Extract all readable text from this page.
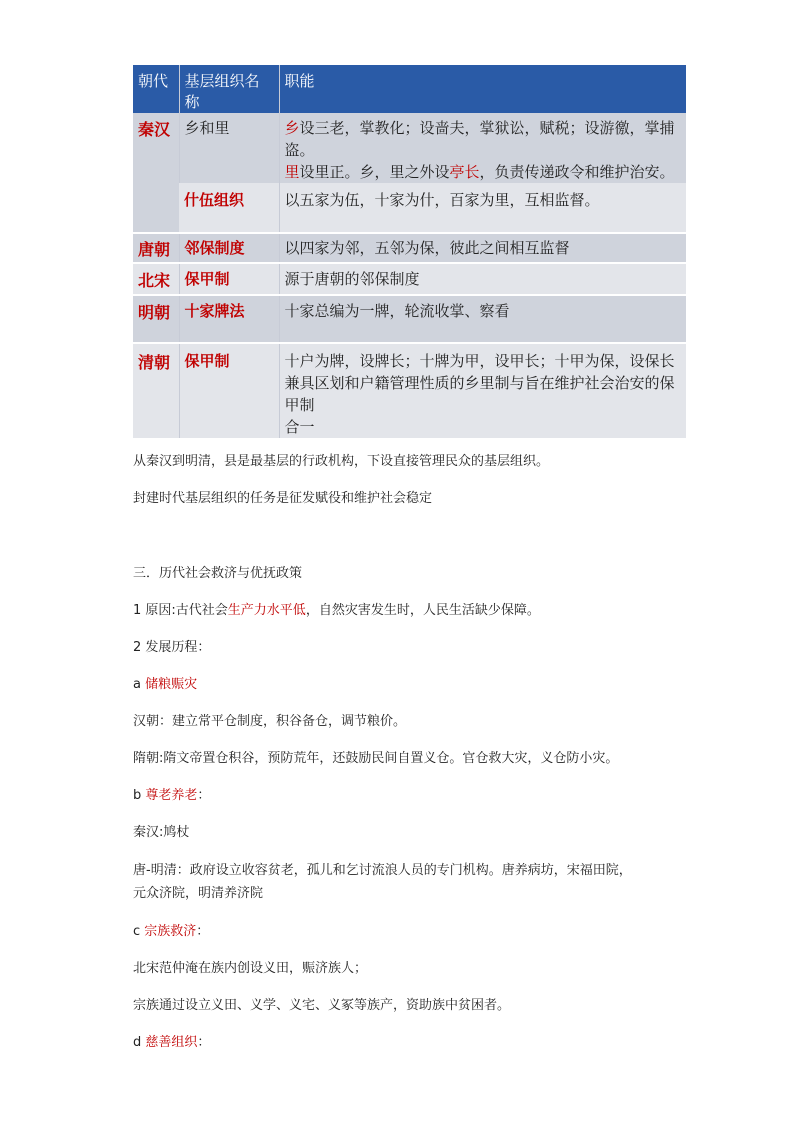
朝代	基层组织名称	职能
秦汉	乡和里	乡设三老，掌教化；设啬夫，掌狱讼，赋税；设游徼，掌捕盗。
里设里正。乡，里之外设亭长，负责传递政令和维护治安。

	什伍组织	以五家为伍，十家为什，百家为里，互相监督。
唐朝	邻保制度	以四家为邻，五邻为保，彼此之间相互监督
北宋	保甲制	源于唐朝的邻保制度
明朝	十家牌法	十家总编为一牌，轮流收掌、察看
清朝	保甲制	十户为牌，设牌长；十牌为甲，设甲长；十甲为保，设保长
兼具区划和户籍管理性质的乡里制与旨在维护社会治安的保甲制
合一
从秦汉到明清，县是最基层的行政机构，下设直接管理民众的基层组织。
封建时代基层组织的任务是征发赋役和维护社会稳定
三．历代社会救济与优抚政策
1 原因:古代社会生产力水平低，自然灾害发生时，人民生活缺少保障。
2 发展历程：
a 储粮赈灾
汉朝：建立常平仓制度，积谷备仓，调节粮价。
隋朝:隋文帝置仓积谷，预防荒年，还鼓励民间自置义仓。官仓救大灾，义仓防小灾。
b 尊老养老：
秦汉:鸠杖
唐-明清：政府设立收容贫老，孤儿和乞讨流浪人员的专门机构。唐养病坊，宋福田院，
元众济院，明清养济院
c 宗族救济：
北宋范仲淹在族内创设义田，赈济族人；
宗族通过设立义田、义学、义宅、义冢等族产，资助族中贫困者。
d 慈善组织：
